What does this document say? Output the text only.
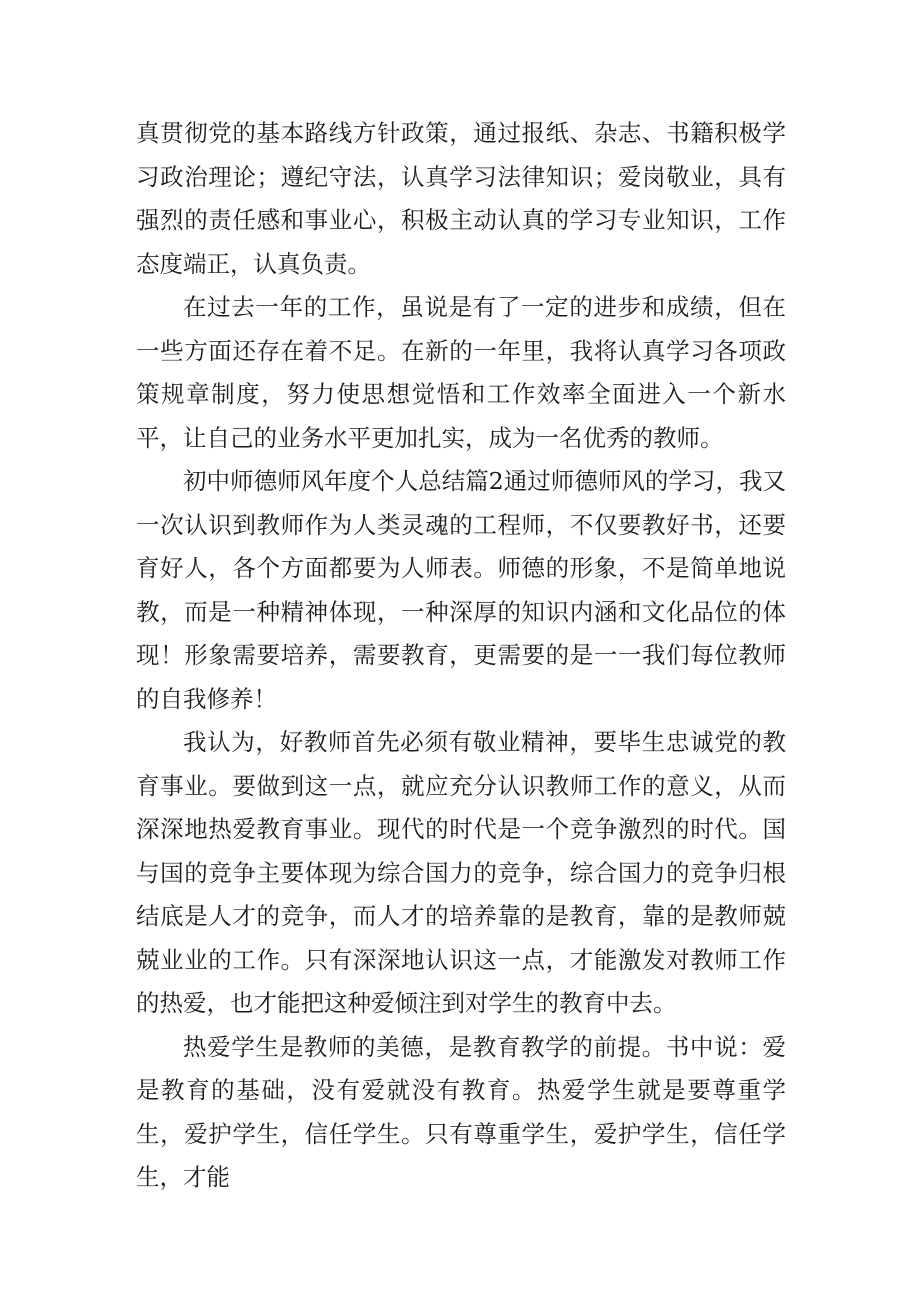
真贯彻党的基本路线方针政策，通过报纸、杂志、书籍积极学习政治理论；遵纪守法，认真学习法律知识；爱岗敬业，具有强烈的责任感和事业心，积极主动认真的学习专业知识，工作态度端正，认真负责。

在过去一年的工作，虽说是有了一定的进步和成绩，但在一些方面还存在着不足。在新的一年里，我将认真学习各项政策规章制度，努力使思想觉悟和工作效率全面进入一个新水平，让自己的业务水平更加扎实，成为一名优秀的教师。

初中师德师风年度个人总结篇2通过师德师风的学习，我又一次认识到教师作为人类灵魂的工程师，不仅要教好书，还要育好人，各个方面都要为人师表。师德的形象，不是简单地说教，而是一种精神体现，一种深厚的知识内涵和文化品位的体现！形象需要培养，需要教育，更需要的是一一我们每位教师的自我修养！

我认为，好教师首先必须有敬业精神，要毕生忠诚党的教育事业。要做到这一点，就应充分认识教师工作的意义，从而深深地热爱教育事业。现代的时代是一个竞争激烈的时代。国与国的竞争主要体现为综合国力的竞争，综合国力的竞争归根结底是人才的竞争，而人才的培养靠的是教育，靠的是教师兢兢业业的工作。只有深深地认识这一点，才能激发对教师工作的热爱，也才能把这种爱倾注到对学生的教育中去。

热爱学生是教师的美德，是教育教学的前提。书中说：爱是教育的基础，没有爱就没有教育。热爱学生就是要尊重学生，爱护学生，信任学生。只有尊重学生，爱护学生，信任学生，才能
